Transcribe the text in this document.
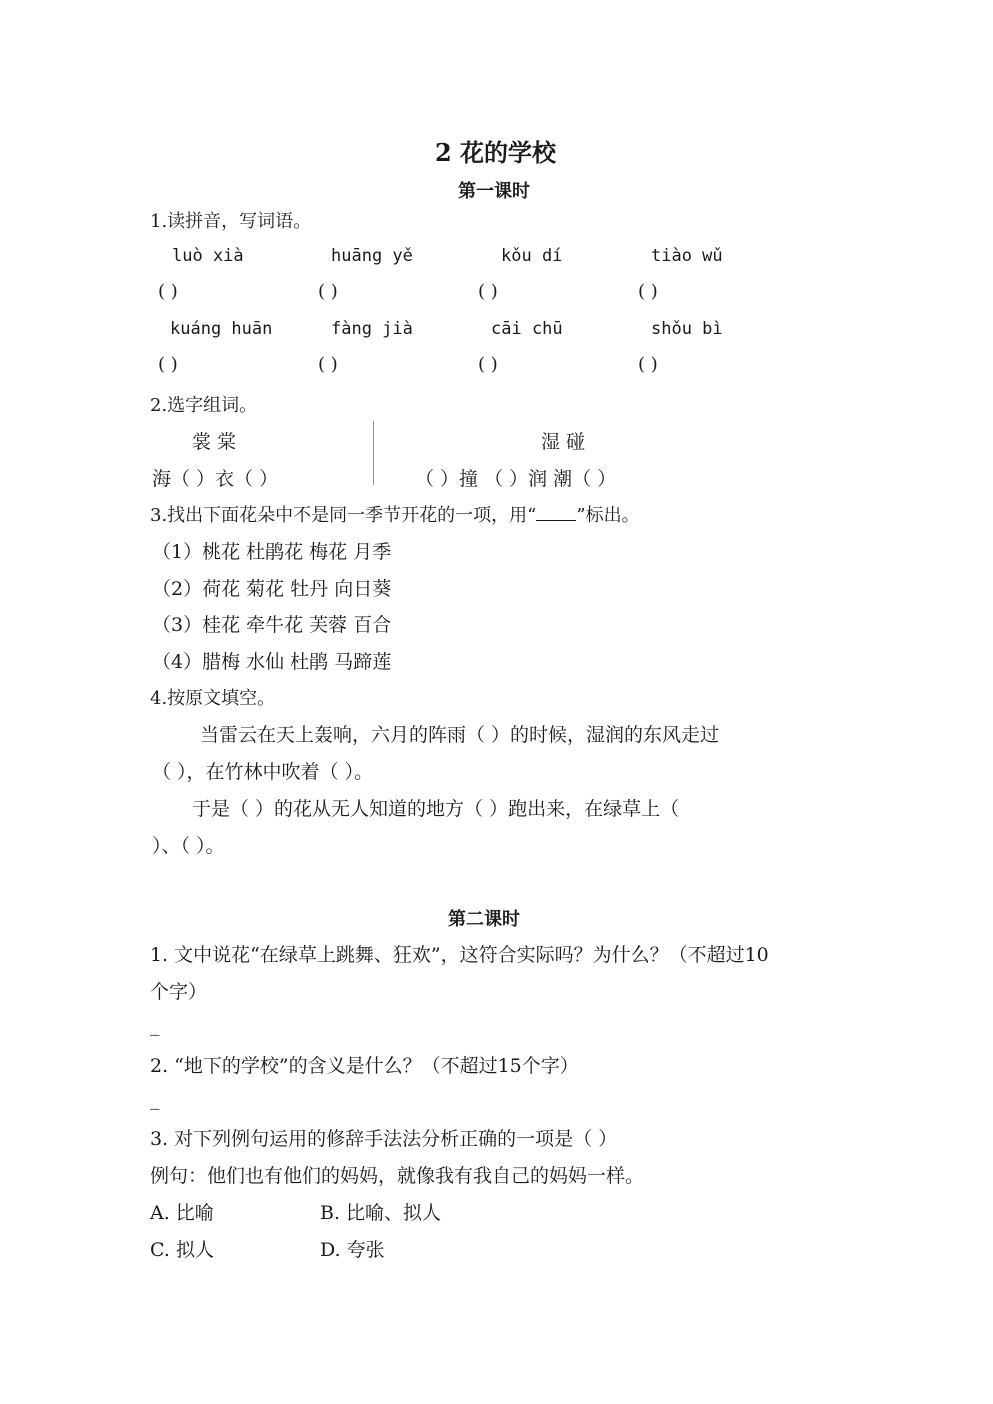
2 花的学校
第一课时
1.读拼音，写词语。
luò xià	huāng yě	kǒu dí	tiào wǔ
( )	( )	( )	( )
kuáng huān	fàng jià	cāi chū	shǒu bì
( )	( )	( )	( )
2.选字组词。
裳 棠
海（ ）衣（ ）
湿 碰
（ ）撞 （ ）润 潮（ ）
3.找出下面花朵中不是同一季节开花的一项，用“ ”标出。
（1）桃花 杜鹃花 梅花 月季
（2）荷花 菊花 牡丹 向日葵
（3）桂花 牵牛花 芙蓉 百合
（4）腊梅 水仙 杜鹃 马蹄莲
4.按原文填空。
当雷云在天上轰响，六月的阵雨（ ）的时候，湿润的东风走过
（ ），在竹林中吹着（ ）。
于是（ ）的花从无人知道的地方（ ）跑出来，在绿草上（
）、（ ）。
第二课时
1. 文中说花“在绿草上跳舞、狂欢”，这符合实际吗？为什么？（不超过10
个字）
_
2. “地下的学校”的含义是什么？（不超过15个字）
_
3. 对下列例句运用的修辞手法法分析正确的一项是（ ）
例句：他们也有他们的妈妈，就像我有我自己的妈妈一样。
A. 比喻	B. 比喻、拟人
C. 拟人	D. 夸张
